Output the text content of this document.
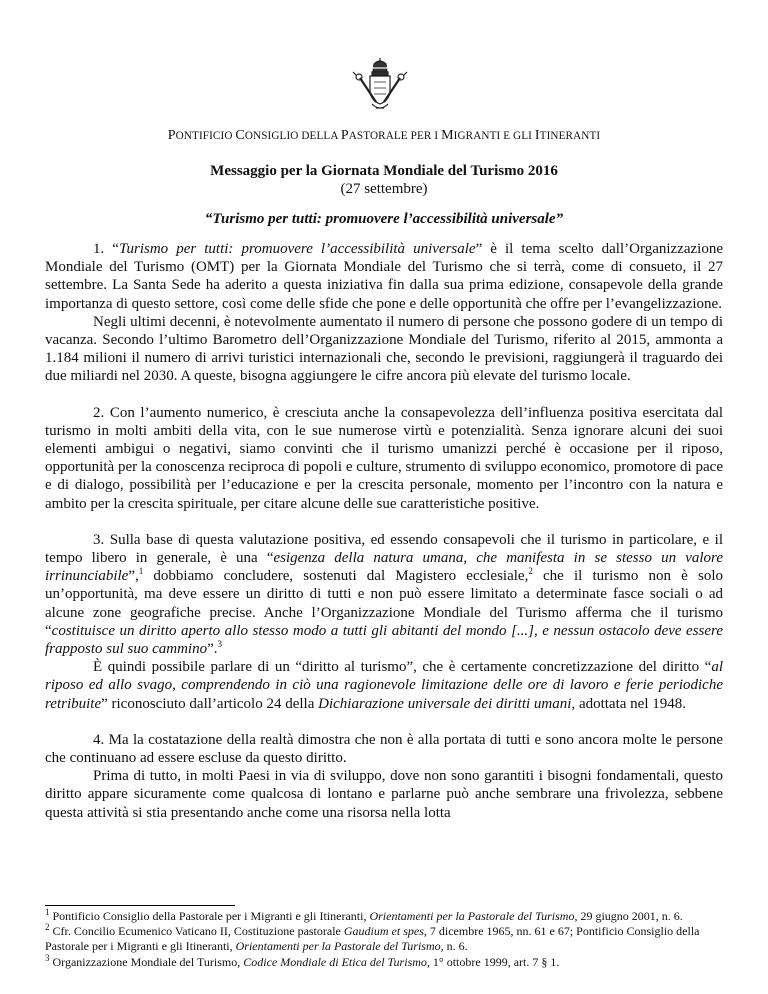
PONTIFICIO CONSIGLIO DELLA PASTORALE PER I MIGRANTI E GLI ITINERANTI
Messaggio per la Giornata Mondiale del Turismo 2016
(27 settembre)
“Turismo per tutti: promuovere l’accessibilità universale”

1. “Turismo per tutti: promuovere l’accessibilità universale” è il tema scelto dall’Organizzazione Mondiale del Turismo (OMT) per la Giornata Mondiale del Turismo che si terrà, come di consueto, il 27 settembre. La Santa Sede ha aderito a questa iniziativa fin dalla sua prima edizione, consapevole della grande importanza di questo settore, così come delle sfide che pone e delle opportunità che offre per l’evangelizzazione.

Negli ultimi decenni, è notevolmente aumentato il numero di persone che possono godere di un tempo di vacanza. Secondo l’ultimo Barometro dell’Organizzazione Mondiale del Turismo, riferito al 2015, ammonta a 1.184 milioni il numero di arrivi turistici internazionali che, secondo le previsioni, raggiungerà il traguardo dei due miliardi nel 2030. A queste, bisogna aggiungere le cifre ancora più elevate del turismo locale.

2. Con l’aumento numerico, è cresciuta anche la consapevolezza dell’influenza positiva esercitata dal turismo in molti ambiti della vita, con le sue numerose virtù e potenzialità. Senza ignorare alcuni dei suoi elementi ambigui o negativi, siamo convinti che il turismo umanizzi perché è occasione per il riposo, opportunità per la conoscenza reciproca di popoli e culture, strumento di sviluppo economico, promotore di pace e di dialogo, possibilità per l’educazione e per la crescita personale, momento per l’incontro con la natura e ambito per la crescita spirituale, per citare alcune delle sue caratteristiche positive.

3. Sulla base di questa valutazione positiva, ed essendo consapevoli che il turismo in particolare, e il tempo libero in generale, è una “esigenza della natura umana, che manifesta in se stesso un valore irrinunciabile”,$^1$ dobbiamo concludere, sostenuti dal Magistero ecclesiale,$^2$ che il turismo non è solo un’opportunità, ma deve essere un diritto di tutti e non può essere limitato a determinate fasce sociali o ad alcune zone geografiche precise. Anche l’Organizzazione Mondiale del Turismo afferma che il turismo “costituisce un diritto aperto allo stesso modo a tutti gli abitanti del mondo [...], e nessun ostacolo deve essere frapposto sul suo cammino”.$^3$

È quindi possibile parlare di un “diritto al turismo”, che è certamente concretizzazione del diritto “al riposo ed allo svago, comprendendo in ciò una ragionevole limitazione delle ore di lavoro e ferie periodiche retribuite” riconosciuto dall’articolo 24 della Dichiarazione universale dei diritti umani, adottata nel 1948.

4. Ma la costatazione della realtà dimostra che non è alla portata di tutti e sono ancora molte le persone che continuano ad essere escluse da questo diritto.

Prima di tutto, in molti Paesi in via di sviluppo, dove non sono garantiti i bisogni fondamentali, questo diritto appare sicuramente come qualcosa di lontano e parlarne può anche sembrare una frivolezza, sebbene questa attività si stia presentando anche come una risorsa nella lotta

$^1$ Pontificio Consiglio della Pastorale per i Migranti e gli Itineranti, Orientamenti per la Pastorale del Turismo, 29 giugno 2001, n. 6.
$^2$ Cfr. Concilio Ecumenico Vaticano II, Costituzione pastorale Gaudium et spes, 7 dicembre 1965, nn. 61 e 67; Pontificio Consiglio della Pastorale per i Migranti e gli Itineranti, Orientamenti per la Pastorale del Turismo, n. 6.
$^3$ Organizzazione Mondiale del Turismo, Codice Mondiale di Etica del Turismo, 1° ottobre 1999, art. 7 § 1.
